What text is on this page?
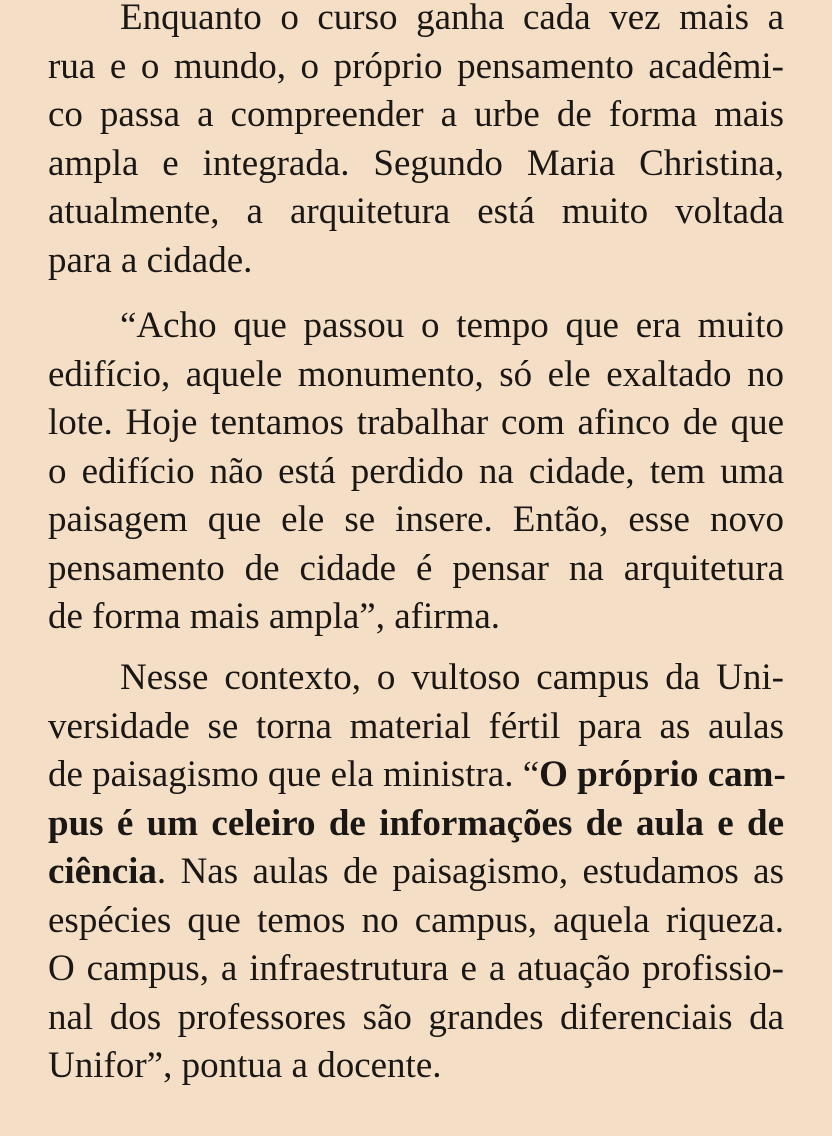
Enquanto o curso ganha cada vez mais a
rua e o mundo, o próprio pensamento acadêmi-
co passa a compreender a urbe de forma mais
ampla e integrada. Segundo Maria Christina,
atualmente, a arquitetura está muito voltada
para a cidade.
“Acho que passou o tempo que era muito
edifício, aquele monumento, só ele exaltado no
lote. Hoje tentamos trabalhar com afinco de que
o edifício não está perdido na cidade, tem uma
paisagem que ele se insere. Então, esse novo
pensamento de cidade é pensar na arquitetura
de forma mais ampla”, afirma.
Nesse contexto, o vultoso campus da Uni-
versidade se torna material fértil para as aulas
de paisagismo que ela ministra. “O próprio cam-
pus é um celeiro de informações de aula e de
ciência. Nas aulas de paisagismo, estudamos as
espécies que temos no campus, aquela riqueza.
O campus, a infraestrutura e a atuação profissio-
nal dos professores são grandes diferenciais da
Unifor”, pontua a docente.
